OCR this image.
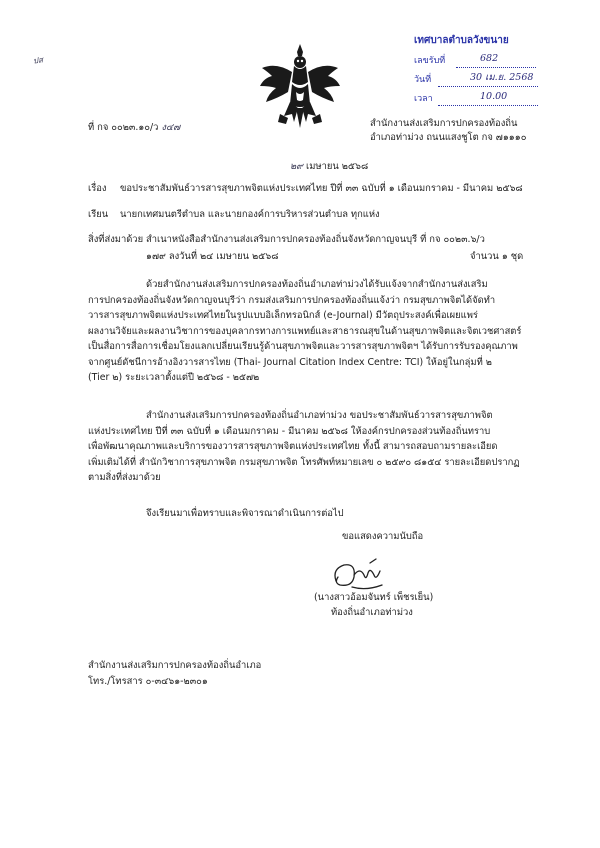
ปส
เทศบาลตำบลวังขนาย
เลขรับที่	682
วันที่	30 เม.ย. 2568
เวลา	10.00
ที่ กจ ๐๐๒๓.๑๐/ว ง๔๗	สำนักงานส่งเสริมการปกครองท้องถิ่น
อำเภอท่าม่วง ถนนแสงชูโต กจ ๗๑๑๑๐
๒๙ เมษายน ๒๕๖๘
เรื่อง ขอประชาสัมพันธ์วารสารสุขภาพจิตแห่งประเทศไทย ปีที่ ๓๓ ฉบับที่ ๑ เดือนมกราคม - มีนาคม ๒๕๖๘
เรียน นายกเทศมนตรีตำบล และนายกองค์การบริหารส่วนตำบล ทุกแห่ง
สิ่งที่ส่งมาด้วย สำเนาหนังสือสำนักงานส่งเสริมการปกครองท้องถิ่นจังหวัดกาญจนบุรี ที่ กจ ๐๐๒๓.๖/ว
๑๗๙ ลงวันที่ ๒๔ เมษายน ๒๕๖๘	จำนวน ๑ ชุด
ด้วยสำนักงานส่งเสริมการปกครองท้องถิ่นอำเภอท่าม่วงได้รับแจ้งจากสำนักงานส่งเสริม
การปกครองท้องถิ่นจังหวัดกาญจนบุรีว่า กรมส่งเสริมการปกครองท้องถิ่นแจ้งว่า กรมสุขภาพจิตได้จัดทำ
วารสารสุขภาพจิตแห่งประเทศไทยในรูปแบบอิเล็กทรอนิกส์ (e-Journal) มีวัตถุประสงค์เพื่อเผยแพร่
ผลงานวิจัยและผลงานวิชาการของบุคลากรทางการแพทย์และสาธารณสุขในด้านสุขภาพจิตและจิตเวชศาสตร์
เป็นสื่อการสื่อการเชื่อมโยงแลกเปลี่ยนเรียนรู้ด้านสุขภาพจิตและวารสารสุขภาพจิตฯ ได้รับการรับรองคุณภาพ
จากศูนย์ดัชนีการอ้างอิงวารสารไทย (Thai- Journal Citation Index Centre: TCI) ให้อยู่ในกลุ่มที่ ๒
(Tier ๒) ระยะเวลาตั้งแต่ปี ๒๕๖๘ - ๒๕๗๒
สำนักงานส่งเสริมการปกครองท้องถิ่นอำเภอท่าม่วง ขอประชาสัมพันธ์วารสารสุขภาพจิต
แห่งประเทศไทย ปีที่ ๓๓ ฉบับที่ ๑ เดือนมกราคม - มีนาคม ๒๕๖๘ ให้องค์กรปกครองส่วนท้องถิ่นทราบ
เพื่อพัฒนาคุณภาพและบริการของวารสารสุขภาพจิตแห่งประเทศไทย ทั้งนี้ สามารถสอบถามรายละเอียด
เพิ่มเติมได้ที่ สำนักวิชาการสุขภาพจิต กรมสุขภาพจิต โทรศัพท์หมายเลข ๐ ๒๕๙๐ ๘๑๕๔ รายละเอียดปรากฏ
ตามสิ่งที่ส่งมาด้วย
จึงเรียนมาเพื่อทราบและพิจารณาดำเนินการต่อไป
ขอแสดงความนับถือ
(นางสาวอ้อมจันทร์ เพ็ชรเย็น)
ท้องถิ่นอำเภอท่าม่วง
สำนักงานส่งเสริมการปกครองท้องถิ่นอำเภอ
โทร./โทรสาร ๐-๓๔๖๑-๒๓๐๑
